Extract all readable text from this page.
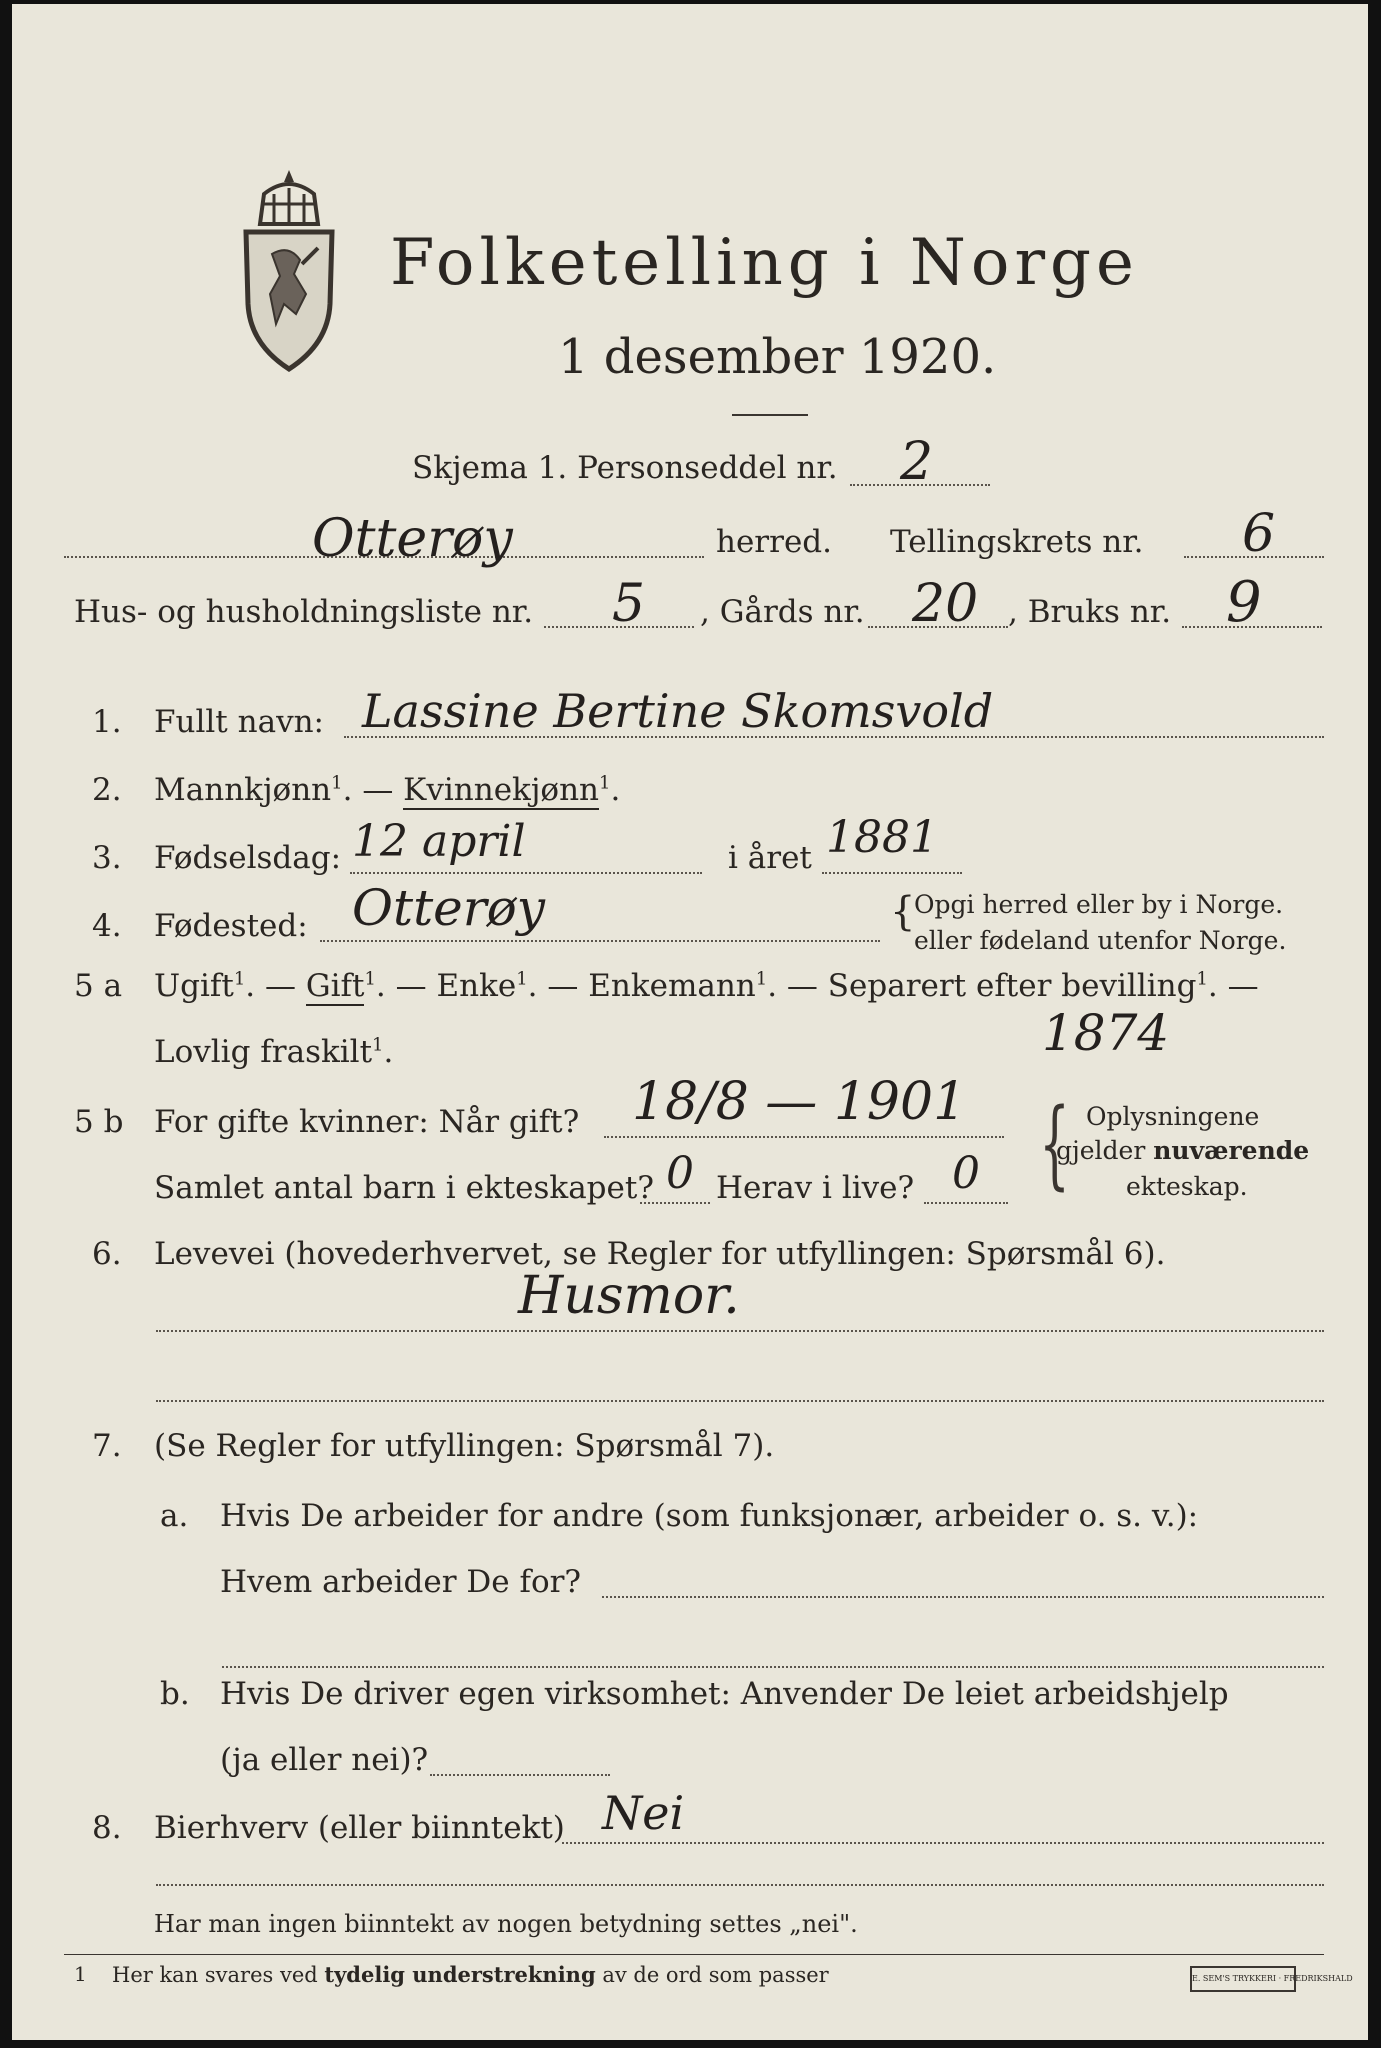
Folketelling i Norge
1 desember 1920.
Skjema 1. Personseddel nr. 2
Otterøy	herred. Tellingskrets nr. 6
Hus- og husholdningsliste nr. 5 , Gårds nr. 20 , Bruks nr. 9
1. Fullt navn: Lassine Bertine Skomsvold
2. Mannkjønn$^1$. — Kvinnekjønn$^1$.
3. Fødselsdag: 12 april	i året 1881
4. Fødested: Otterøy	{
Opgi herred eller by i Norge.
eller fødeland utenfor Norge.
5 a Ugift$^1$. — Gift$^1$. — Enke$^1$. — Enkemann$^1$. — Separert efter bevilling$^1$. —
Lovlig fraskilt$^1$.	1874
5 b For gifte kvinner: Når gift? 18/8 — 1901
Samlet antal barn i ekteskapet? 0 Herav i live? 0 { Oplysningene
gjelder nuværende
ekteskap.
6. Levevei (hovederhvervet, se Regler for utfyllingen: Spørsmål 6).
Husmor.
7. (Se Regler for utfyllingen: Spørsmål 7).
a. Hvis De arbeider for andre (som funksjonær, arbeider o. s. v.):
Hvem arbeider De for?
b. Hvis De driver egen virksomhet: Anvender De leiet arbeidshjelp
(ja eller nei)?
8. Bierhverv (eller biinntekt) Nei
Har man ingen biinntekt av nogen betydning settes „nei".
1 Her kan svares ved tydelig understrekning av de ord som passer	E. SEM'S TRYKKERI · FREDRIKSHALD
